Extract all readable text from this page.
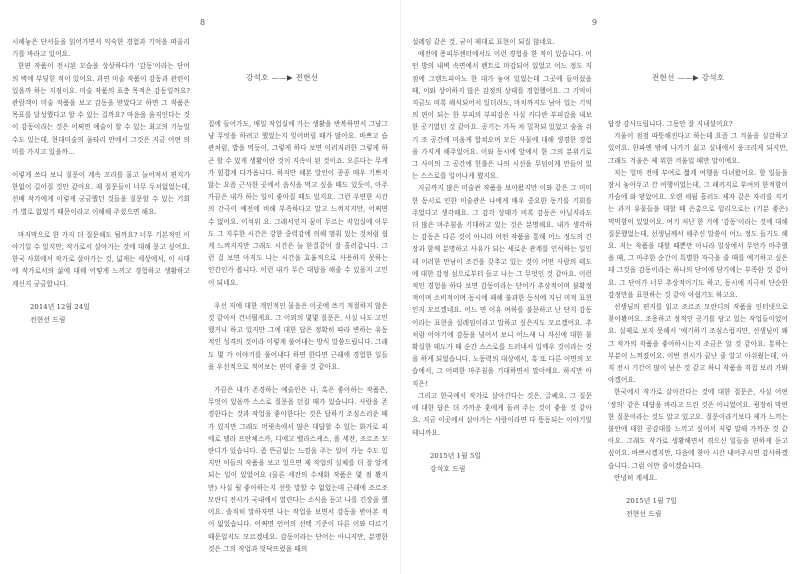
8

시해놓은 단서들을 읽어가면서 익숙한 경험과 기억을 떠올리기를 바라고 있어요.

한편 작품이 전시된 모습을 상상하다가 '감동'이라는 단어의 벽에 부딪힌 적이 있어요. 과연 미술 작품이 감동과 관련이 있을까 하는 지점이요. 미술 작품의 표층 목적은 감동일까요? 관람객이 미술 작품을 보고 감동을 받았다고 하면 그 작품은 목표를 달성했다고 할 수 있는 걸까요? 마음을 움직인다는 것이 감동이라는 것은 어쩌면 예술이 할 수 있는 최고의 기능일 수도 있는데, 현대미술의 울타리 안에서 그것은 지금 어떤 의미를 가지고 있을까...

이렇게 쓰다 보니 질문이 계속 꼬리를 물고 늘어져서 편지가 한없이 길어질 것만 같아요. 제 질문들이 너무 두서없었는데, 선배 작가에게 이렇게 궁금했던 것들을 질문할 수 있는 기회가 별로 없었기 때문이라고 이해해 주셨으면 해요.

마지막으로 한 가지 더 질문해도 될까요? 너무 기본적인 이야기일 수 있지만, 작가로서 살아가는 것에 대해 묻고 싶어요. 한국 사회에서 작가로 살아가는 것, 넓게는 세상에서, 이 시대에 작가로서의 삶에 대해 어떻게 느끼고 경험하고 생활하고 계신지 궁금합니다.

2014년 12월 24일
전현선 드림
강석호 ——▶ 전현선

집에 들어가도, 매일 작업실에 가는 생활을 반복하면서 그냥그냥 무엇을 하려고 했었는지 잊어버릴 때가 많아요. 바쁘고 습관처럼, 밥을 먹듯이, 그렇게 하다 보면 이러저러한 그렇게 하곤 할 수 있게 생활이란 것이 지속이 된 것이죠. 오른다는 무게가 힘겹게 다가옵니다. 하지만 해본 말인이 종종 매우 기쁘지 않는 요즘 근사한 곳에서 음식을 먹고 싶을 때도 있듯이, 아주 가끔은 내가 하는 일이 좋아질 때도 있지요. 그런 우연한 시간의 간극이 예전에 비해 부족하다고 말고 느껴지지만, 어쩌면 수 없어요. 이석위 요. 그래서인지 꿈이 두르는 작업실에 아무도 그 지루한 시간은 강한 중력감에 의해 멈춰 있는 것처럼 쉽게 느껴지지만 그래도 시간은 늘 한결같이 잘 흘러갑니다. 그런 걸 보면 아직도 나는 시간을 효율적으로 사용하지 못하는 인간인가 봅니다. 이런 내가 무슨 대답을 해줄 수 있을지 고민이 되네요.

우선 저에 대한 개인적인 물음은 이곳에 쓰기 적절하지 않은 것 같아서 건너뛸게요. 그 이외의 몇몇 질문은, 사실 나도 고민했거나 하고 있지만 그에 대한 답은 정확히 따라 변하는 유동적인 성격의 것이라 이렇게 풀어내는 방식 말씀드립니다. 그래도 몇 가 이야기를 풀어내다 하면 한다면 근래에 경험한 일들을 우선적으로 적어보는 편이 좋을 것 같아요.

가끔은 내가 존경하는 예술인은 나, 혹은 좋아하는 작품은, 무엇이 있을까 스스로 질문을 던질 때가 있습니다. 사람을 존경한다는 것과 작업을 좋아한다는 것은 답하기 조심스러운 때가 있지만 그래도 머릿속에서 많은 대답할 수 있는 화가로 피에로 델라 프란체스카, 디에고 벨라스케스, 폴 세잔, 조르조 모란디가 있습니다. 좀 뜬금없는 느낌을 주는 일이 가능 수도 있지만 이들의 작품을 보고 있으면 제 작업의 실체를 더 잘 알게 되는 일이 있었어요 (물론 세잔의 수채화 작품은 몇 점 봤지만) 사실 될 좋아하는지 선뜻 말할 수 없었는데 근래에 조르조 모란디 전시가 국내에서 열린다는 소식을 듣고 나를 긴장을 했어요. 솔직히 말하자면 나는 작업을 보면서 감동을 받아본 적이 없었습니다. 어쩌면 언어의 선택 기준이 다른 이와 다르기 때문일지도 모르겠네요. 감동이라는 단어는 아니지만, 분명한 것은 그의 작업과 맞닥뜨렸을 때의

9

설레임 같은 것, 굳이 제대로 표현이 되질 않네요.

예전에 퐁피두센터에서도 이런 경험을 한 적이 있습니다. 어떤 방의 내벽 속면에서 펜트로 마감되어 있었고 어느 정도 지점에 그랜드피아노 한 대가 놓여 있었는데 그곳에 들어섰을 때, 이와 상이하지 않은 감정의 상태를 경험했어요. 그 기억이 지금도 비록 해석되어서 있더라도, 마치까지도 남아 있는 기억의 편이 되는 한 부피의 부피감은 사실 커다란 부피감을 내보한 공기였던 것 같아요. 공기는 가득 차 밀착되 있었고 숨을 쉬기 조 공간에 미움게 합쳐오며 모든 사물에 대해 생경한 경험을 가지게 해주었어요. 이와 동시에 앞에서 한 그의 분위기로 그 사이의 그 공간에 헌출은 나의 시선을 무덤이게 만들어 있는 스스로를 일어나게 했지요.

지금까지 많은 미술관 작품을 보아왔지만 이와 같은 그 미미한 동시로 인한 미술관은 나에게 매우 중요한 동기를 기회를 주었다고 생각해요. 그 감각 상태가 비록 감동은 아닐지라도 더 많은 마주침을 기대하고 있는 것은 분명해요. 내가 생각하는 감동은 다른 것이 아니라 어떤 작품을 통해 어느 정도의 긴장과 함께 분명하고 사유가 되는 새로운 관계를 인식하는 일인데 이러한 만남이 조건을 갖추고 있는 것이 어떤 사람의 태도에 대한 감정 섬으로부터 들고 나는 그 무엇인 것 같아요. 이런 적인 경험을 하다 보면 감동이라는 단어가 추상적이며 불확정적이며 소비적이며 동시에 패해 불과한 등식에 지닌 미적 표현인지 모르겠네요. 어느 면 이유 여하를 불문하고 난 단지 감동이라는 표현을 설레임이라고 말하고 싶은지도 모르겠어요. 추처럼 이야기에 감동을 넘어서 보니 어느새 나 자신에 대한 불확실한 태도가 때 순간 스스로를 드러내서 일깨우 것이라는 것을 하게 되었습니다. 노동력의 대상에서, 혹 또 다른 이면의 모습에서, 그 어떠한 마주침을 기대하면서 말이에요. 하지만 아직은!

그리고 한국에서 작가로 살아간다는 것은, 글쎄요. 그 질문에 대한 답은 더 가까운 훗에게 돌려 주는 것이 좋을 것 같아요. 지금 이곳에서 살아가는 사람이라면 다 똥동되는 이야기일 테니까요.

2015년 1월 5일
강석호 드림
전현선 ——▶ 강석호

답장 감사드립니다. 그동안 잘 지내셨어요?

겨울이 점점 따뜻해진다고 하는데 요즘 그 겨울을 실감하고 있어요. 한파엔 밖에 나가기 싫고 실내에서 웅크리게 되지만, 그래도 겨울은 제 위한 겨울일 때만 말이에요.

저는 얼마 전에 부여로 짧게 여행을 다녀왔어요. 할 일들을 잠시 놓아두고 간 여행이었는데, 그 패키지로 부여의 한적함이 가슴에 와 닿았어요. 오랜 세월 흘러도 제자 같은 자리를 지키는 과거 유물들을 대할 때 은총으로 일리으로는 (기분 좋은) 먹먹함이 있었어요. 여기 저난 한 거에 '감동'이라는 것에 대해 질문했었는데, 선생님께서 해주신 말씀이 어느 정도 들기도 해요. 저는 작품을 대할 때뿐만 아니라 일상에서 무언가 마주했을 때, 그 마주한 순간이 특별한 자극을 줄 때를 예기하고 싶은데 그것을 감동이라는 하나의 단어에 담기에는 부족한 것 같아요. 그 단어가 너무 추상적이기도 하고, 동시에 지극히 단순한 감정만을 표현하는 것 같아 아쉽기도 하고요.

선생님의 편지를 읽고 조르조 모란디의 작품을 인터넷으로 찾아봤어요. 조용하고 정적인 공기를 담고 있는 작업들이었어요. 실제로 보지 못해서 '예기하기 조심스럽지만, 선생님이 왜 그 작가의 작품을 좋아하시는지 조금은 알 것 같아요. 통하는 부분이 느껴졌어요. 이번 전시가 끝난 줄 알고 아쉬웠는데, 아직 전시 기간이 많이 남은 것 같고 하니 작품을 직접 보러 가봐야겠어요.

한국에서 작가로 살아간다는 것에 대한 질문은, 사실 어떤 '정의' 같은 대답을 바라고 드린 것은 아니었어요. 굉장히 막연한 질문이라는 것도 알고 있고요. 질문이라기보다 제가 느끼는 불안에 대한 공감대를 느끼고 싶어서 저렇 말해 가까운 것 같아요. 그래도 작가로 생활해면서 겪으신 일들을 편하게 듣고 싶어요. 바쁘시겠지만, 다음에 찾아 시간 내어주시면 감사하겠습니다. 그럼 이만 줄이겠습니다.

안녕히 계세요.

2015년 1월 7일
전현선 드림
